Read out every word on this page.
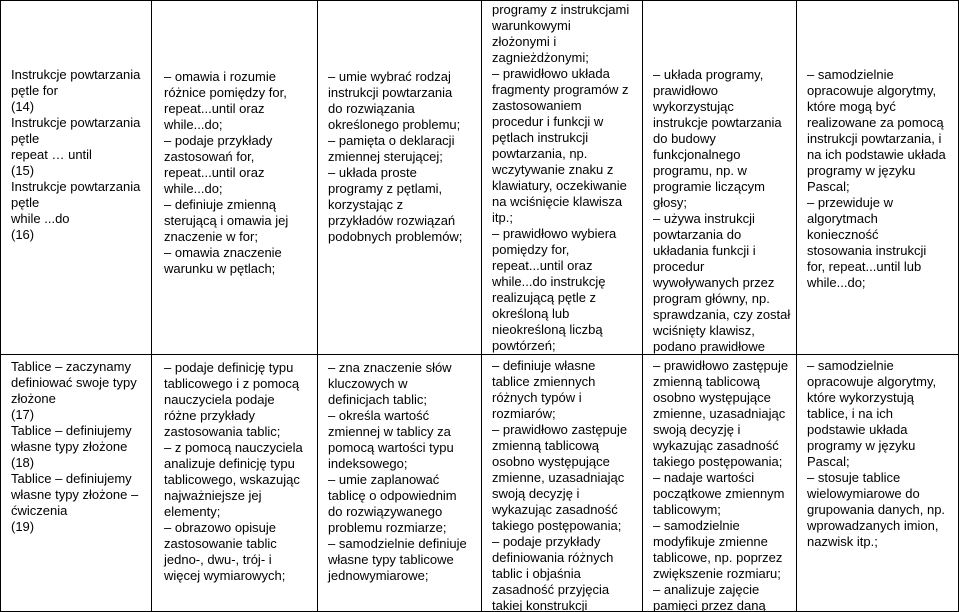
Instrukcje powtarzania
pętle for
(14)
Instrukcje powtarzania
pętle
repeat … until
(15)
Instrukcje powtarzania
pętle
while ...do
(16)
– omawia i rozumie
różnice pomiędzy for,
repeat...until oraz
while...do;
– podaje przykłady
zastosowań for,
repeat...until oraz
while...do;
– definiuje zmienną
sterującą i omawia jej
znaczenie w for;
– omawia znaczenie
warunku w pętlach;
– umie wybrać rodzaj
instrukcji powtarzania
do rozwiązania
określonego problemu;
– pamięta o deklaracji
zmiennej sterującej;
– układa proste
programy z pętlami,
korzystając z
przykładów rozwiązań
podobnych problemów;
programy z instrukcjami
warunkowymi
złożonymi i
zagnieżdżonymi;
– prawidłowo układa
fragmenty programów z
zastosowaniem
procedur i funkcji w
pętlach instrukcji
powtarzania, np.
wczytywanie znaku z
klawiatury, oczekiwanie
na wciśnięcie klawisza
itp.;
– prawidłowo wybiera
pomiędzy for,
repeat...until oraz
while...do instrukcję
realizującą pętle z
określoną lub
nieokreśloną liczbą
powtórzeń;
– układa programy,
prawidłowo
wykorzystując
instrukcje powtarzania
do budowy
funkcjonalnego
programu, np. w
programie liczącym
głosy;
– używa instrukcji
powtarzania do
układania funkcji i
procedur
wywoływanych przez
program główny, np.
sprawdzania, czy został
wciśnięty klawisz,
podano prawidłowe
– samodzielnie
opracowuje algorytmy,
które mogą być
realizowane za pomocą
instrukcji powtarzania, i
na ich podstawie układa
programy w języku
Pascal;
– przewiduje w
algorytmach
konieczność
stosowania instrukcji
for, repeat...until lub
while...do;
Tablice – zaczynamy
definiować swoje typy
złożone
(17)
Tablice – definiujemy
własne typy złożone
(18)
Tablice – definiujemy
własne typy złożone –
ćwiczenia
(19)
– podaje definicję typu
tablicowego i z pomocą
nauczyciela podaje
różne przykłady
zastosowania tablic;
– z pomocą nauczyciela
analizuje definicję typu
tablicowego, wskazując
najważniejsze jej
elementy;
– obrazowo opisuje
zastosowanie tablic
jedno-, dwu-, trój- i
więcej wymiarowych;
– zna znaczenie słów
kluczowych w
definicjach tablic;
– określa wartość
zmiennej w tablicy za
pomocą wartości typu
indeksowego;
– umie zaplanować
tablicę o odpowiednim
do rozwiązywanego
problemu rozmiarze;
– samodzielnie definiuje
własne typy tablicowe
jednowymiarowe;
– definiuje własne
tablice zmiennych
różnych typów i
rozmiarów;
– prawidłowo zastępuje
zmienną tablicową
osobno występujące
zmienne, uzasadniając
swoją decyzję i
wykazując zasadność
takiego postępowania;
– podaje przykłady
definiowania różnych
tablic i objaśnia
zasadność przyjęcia
takiej konstrukcji
– prawidłowo zastępuje
zmienną tablicową
osobno występujące
zmienne, uzasadniając
swoją decyzję i
wykazując zasadność
takiego postępowania;
– nadaje wartości
początkowe zmiennym
tablicowym;
– samodzielnie
modyfikuje zmienne
tablicowe, np. poprzez
zwiększenie rozmiaru;
– analizuje zajęcie
pamięci przez daną
– samodzielnie
opracowuje algorytmy,
które wykorzystują
tablice, i na ich
podstawie układa
programy w języku
Pascal;
– stosuje tablice
wielowymiarowe do
grupowania danych, np.
wprowadzanych imion,
nazwisk itp.;
